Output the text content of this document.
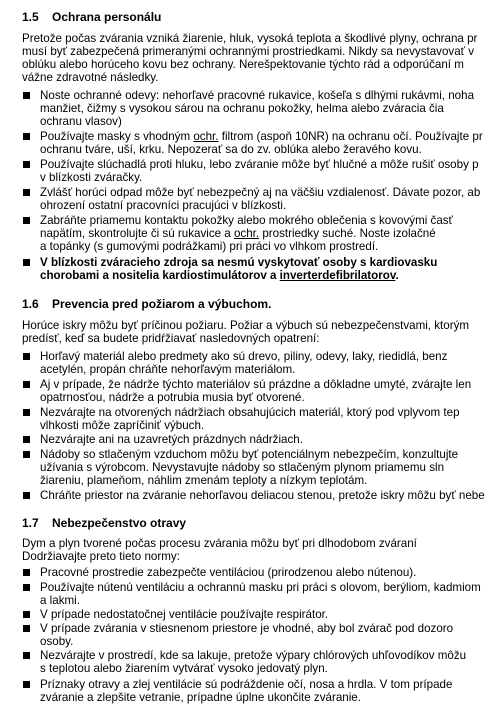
1.5 Ochrana personálu
Pretože počas zvárania vzniká žiarenie, hluk, vysoká teplota a škodlivé plyny, ochrana pr
musí byť zabezpečená primeranými ochrannými prostriedkami. Nikdy sa nevystavovať v
oblúku alebo horúceho kovu bez ochrany. Nerešpektovanie týchto rád a odporúčaní m
vážne zdravotné následky.
Noste ochranné odevy: nehorľavé pracovné rukavice, košeľa s dlhými rukávmi, noha
manžiet, čižmy s vysokou sárou na ochranu pokožky, helma alebo zváracia čia
ochranu vlasov)
Používajte masky s vhodným ochr. filtrom (aspoň 10NR) na ochranu očí. Používajte pr
ochranu tváre, uší, krku. Nepozerať sa do zv. oblúka alebo žeravého kovu.
Používajte slúchadlá proti hluku, lebo zváranie môže byť hlučné a môže rušiť osoby p
v blízkosti zváračky.
Zvlášť horúci odpad môže byť nebezpečný aj na väčšiu vzdialenosť. Dávate pozor, ab
ohrození ostatní pracovníci pracujúci v blízkosti.
Zabráňte priamemu kontaktu pokožky alebo mokrého oblečenia s kovovými časť
napätím, skontrolujte či sú rukavice a ochr. prostriedky suché. Noste izolačné
a topánky (s gumovými podrážkami) pri práci vo vlhkom prostredí.
V blízkosti zváracieho zdroja sa nesmú vyskytovať osoby s kardiovasku
chorobami a nositelia kardiostimulátorov a inverterdefibrilatorov.
1.6 Prevencia pred požiarom a výbuchom.
Horúce iskry môžu byť príčinou požiaru. Požiar a výbuch sú nebezpečenstvami, ktorým
predísť, keď sa budete pridŕžiavať nasledovných opatrení:
Horľavý materiál alebo predmety ako sú drevo, piliny, odevy, laky, riedidlá, benz
acetylén, propán chráňte nehorľavým materiálom.
Aj v prípade, že nádrže týchto materiálov sú prázdne a dôkladne umyté, zvárajte len
opatrnosťou, nádrže a potrubia musia byť otvorené.
Nezvárajte na otvorených nádržiach obsahujúcich materiál, ktorý pod vplyvom tep
vlhkosti môže zapríčiniť výbuch.
Nezvárajte ani na uzavretých prázdnych nádržiach.
Nádoby so stlačeným vzduchom môžu byť potenciálnym nebezpečím, konzultujte
užívania s výrobcom. Nevystavujte nádoby so stlačeným plynom priamemu sln
žiareniu, plameňom, náhlim zmenám teploty a nízkym teplotám.
Chráňte priestor na zváranie nehorľavou deliacou stenou, pretože iskry môžu byť nebe
1.7 Nebezpečenstvo otravy
Dym a plyn tvorené počas procesu zvárania môžu byť pri dlhodobom zváraní
Dodržiavajte preto tieto normy:
Pracovné prostredie zabezpečte ventiláciou (prirodzenou alebo nútenou).
Používajte nútenú ventiláciu a ochrannú masku pri práci s olovom, berýliom, kadmiom
a lakmi.
V prípade nedostatočnej ventilácie používajte respirátor.
V prípade zvárania v stiesnenom priestore je vhodné, aby bol zvárač pod dozoro
osoby.
Nezvárajte v prostredí, kde sa lakuje, pretože výpary chlórových uhľovodíkov môžu
s teplotou alebo žiarením vytvárať vysoko jedovatý plyn.
Príznaky otravy a zlej ventilácie sú podráždenie očí, nosa a hrdla. V tom prípade
zváranie a zlepšite vetranie, prípadne úplne ukončite zváranie.
